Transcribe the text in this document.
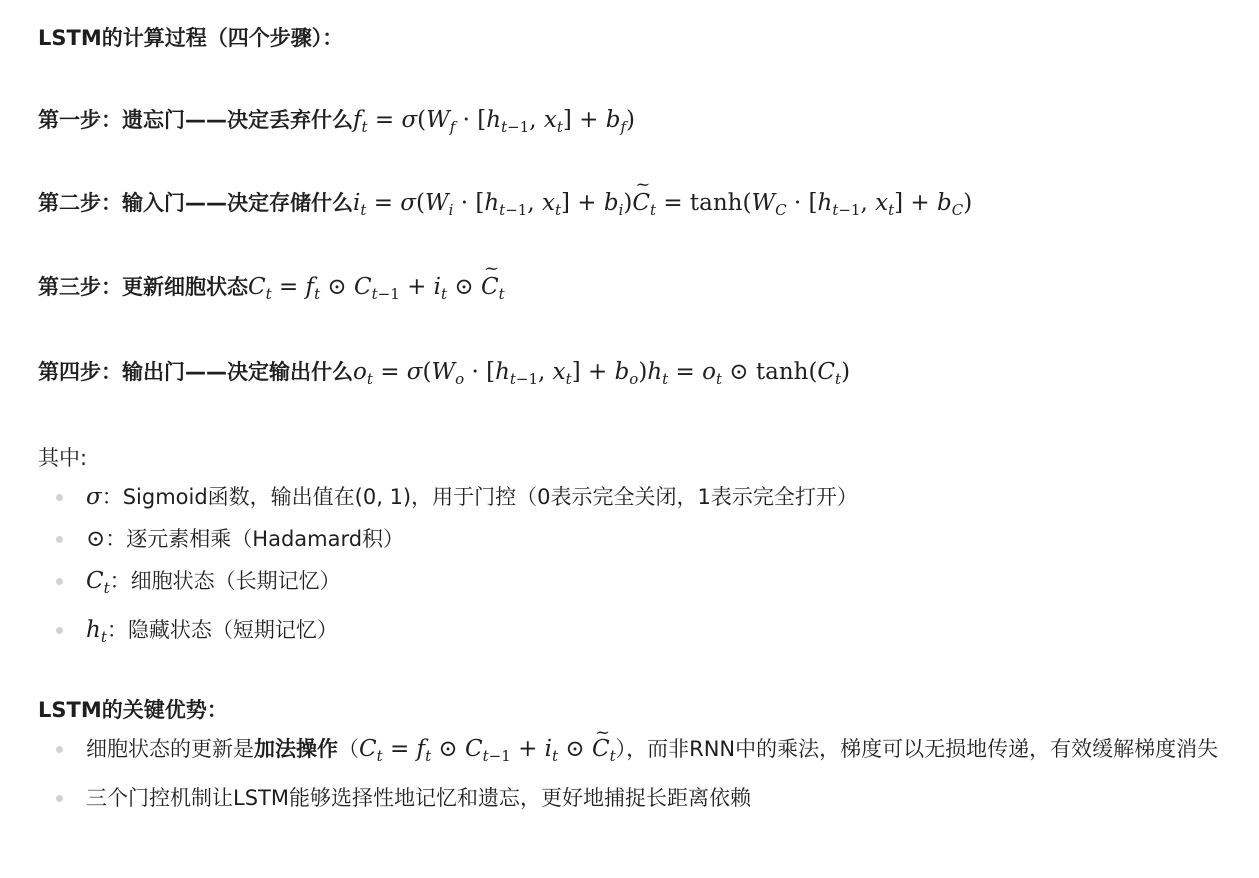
LSTM的计算过程（四个步骤）：
第一步：遗忘门——决定丢弃什么$f_t = \sigma(W_f \cdot [h_{t-1}$, $x_t] + b_f$)
第二步：输入门——决定存储什么$i_t = \sigma(W_i \cdot [h_{t-1}$, $x_t$] + $b_i)\sim$ $C_t = \tanh(W_C \cdot [h_{t-1}$, $x_t] + b_C$)
第三步：更新细胞状态$C_t = f_t$ ⊙ $C_{t-1} + i_t$ ⊙ ~ $C_t$
第四步：输出门——决定输出什么$o_t = \sigma(W_o \cdot [h_{t-1}$, $x_t] + b_o)h_t = o_t$ ⊙ $\tanh(C_t)$
其中:
σ：Sigmoid函数，输出值在(0, 1)，用于门控（0表示完全关闭，1表示完全打开）
⊙：逐元素相乘（Hadamard积）
$C_t$：细胞状态（长期记忆）
$h_t$：隐藏状态（短期记忆）
LSTM的关键优势：
细胞状态的更新是加法操作（$C_t = f_t$ ⊙ $C_{t-1} + i_t$ ⊙ ~ $C_t$），而非RNN中的乘法，梯度可以无损地传递，有效缓解梯度消失
三个门控机制让LSTM能够选择性地记忆和遗忘，更好地捕捉长距离依赖
